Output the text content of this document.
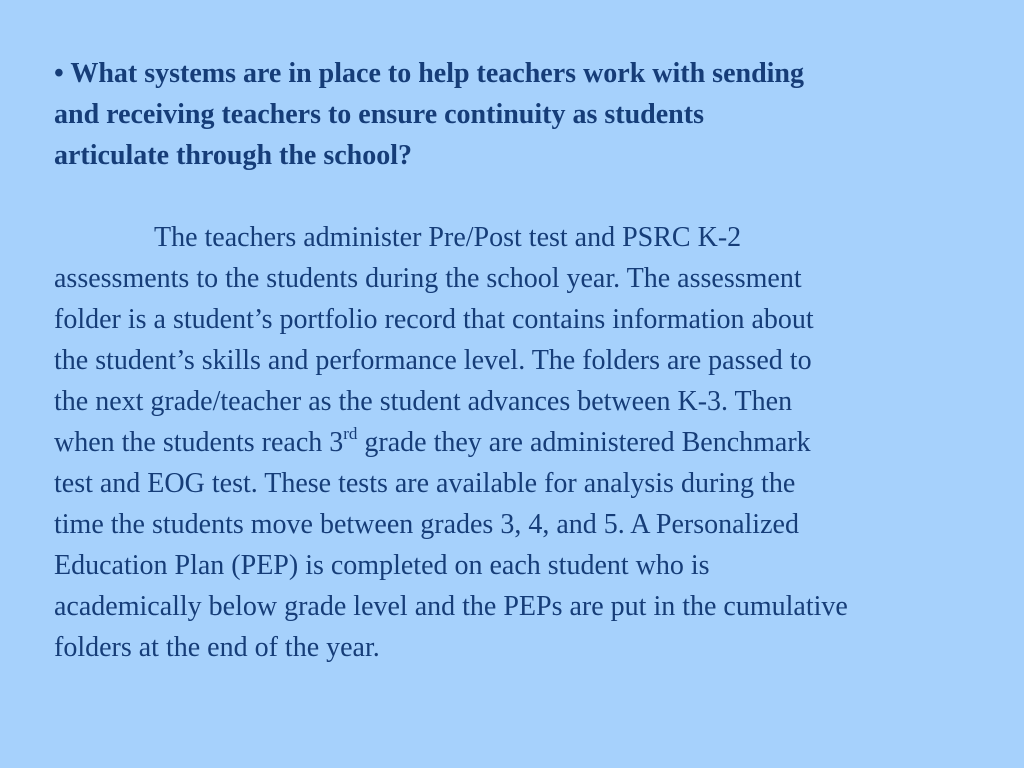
• What systems are in place to help teachers work with sending
and receiving teachers to ensure continuity as students
articulate through the school?
The teachers administer Pre/Post test and PSRC K-2
assessments to the students during the school year. The assessment
folder is a student’s portfolio record that contains information about
the student’s skills and performance level. The folders are passed to
the next grade/teacher as the student advances between K-3. Then
when the students reach 3rd grade they are administered Benchmark
test and EOG test. These tests are available for analysis during the
time the students move between grades 3, 4, and 5. A Personalized
Education Plan (PEP) is completed on each student who is
academically below grade level and the PEPs are put in the cumulative
folders at the end of the year.
